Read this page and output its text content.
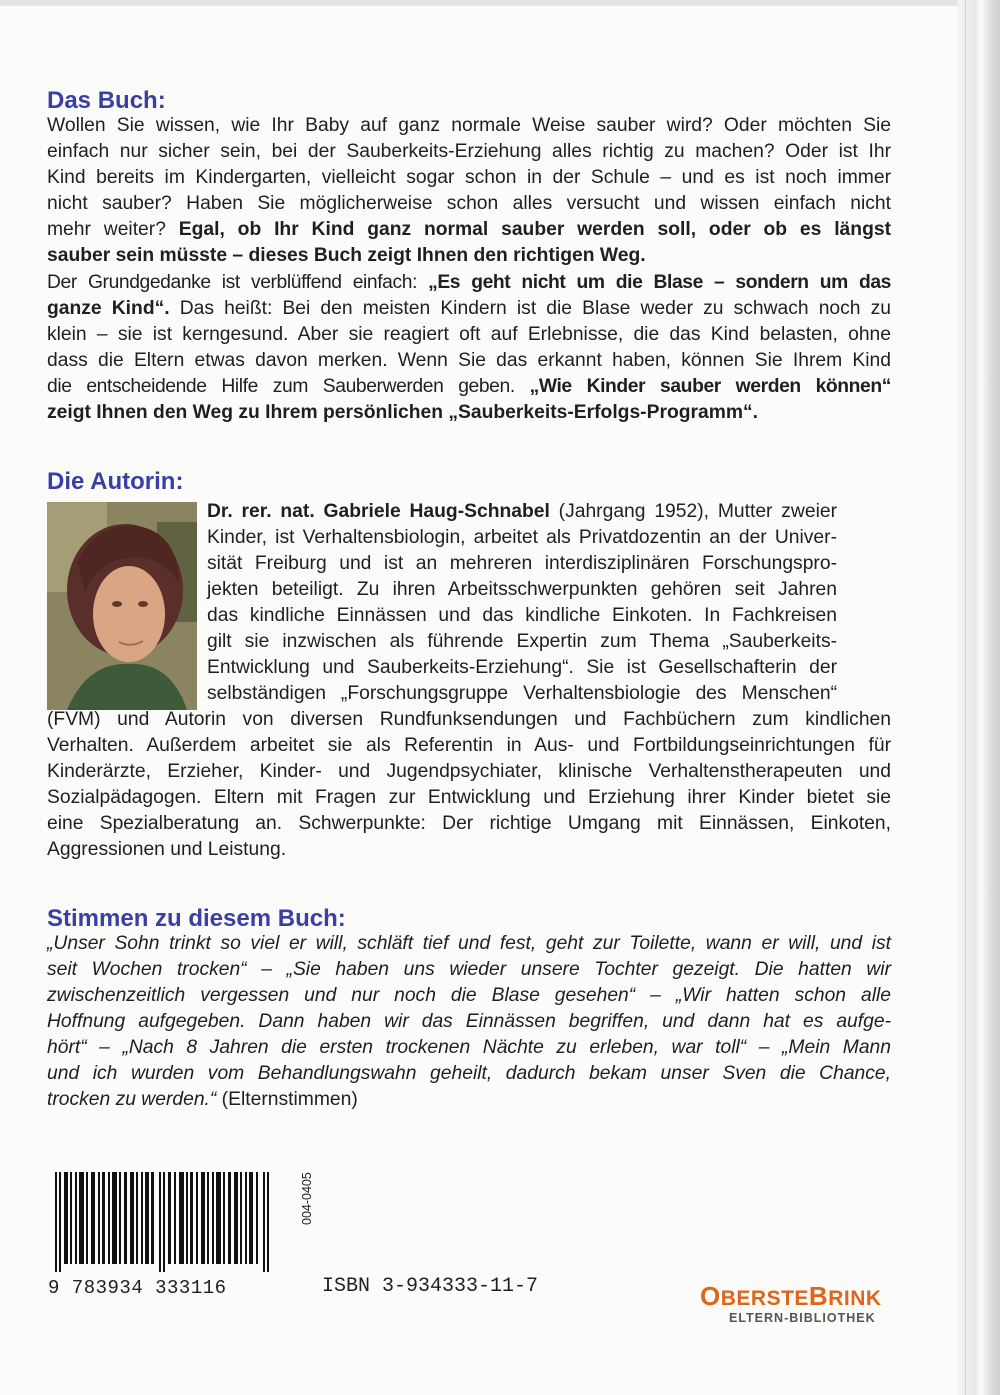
Das Buch:
Wollen Sie wissen, wie Ihr Baby auf ganz normale Weise sauber wird? Oder möchten Sie
einfach nur sicher sein, bei der Sauberkeits-Erziehung alles richtig zu machen? Oder ist Ihr
Kind bereits im Kindergarten, vielleicht sogar schon in der Schule – und es ist noch immer
nicht sauber? Haben Sie möglicherweise schon alles versucht und wissen einfach nicht
mehr weiter? Egal, ob Ihr Kind ganz normal sauber werden soll, oder ob es längst
sauber sein müsste – dieses Buch zeigt Ihnen den richtigen Weg.
Der Grundgedanke ist verblüffend einfach: „Es geht nicht um die Blase – sondern um das
ganze Kind“. Das heißt: Bei den meisten Kindern ist die Blase weder zu schwach noch zu
klein – sie ist kerngesund. Aber sie reagiert oft auf Erlebnisse, die das Kind belasten, ohne
dass die Eltern etwas davon merken. Wenn Sie das erkannt haben, können Sie Ihrem Kind
die entscheidende Hilfe zum Sauberwerden geben. „Wie Kinder sauber werden können“
zeigt Ihnen den Weg zu Ihrem persönlichen „Sauberkeits-Erfolgs-Programm“.
Die Autorin:
Dr. rer. nat. Gabriele Haug-Schnabel (Jahrgang 1952), Mutter zweier
Kinder, ist Verhaltensbiologin, arbeitet als Privatdozentin an der Univer-
sität Freiburg und ist an mehreren interdisziplinären Forschungspro-
jekten beteiligt. Zu ihren Arbeitsschwerpunkten gehören seit Jahren
das kindliche Einnässen und das kindliche Einkoten. In Fachkreisen
gilt sie inzwischen als führende Expertin zum Thema „Sauberkeits-
Entwicklung und Sauberkeits-Erziehung“. Sie ist Gesellschafterin der
selbständigen „Forschungsgruppe Verhaltensbiologie des Menschen“
(FVM) und Autorin von diversen Rundfunksendungen und Fachbüchern zum kindlichen
Verhalten. Außerdem arbeitet sie als Referentin in Aus- und Fortbildungseinrichtungen für
Kinderärzte, Erzieher, Kinder- und Jugendpsychiater, klinische Verhaltenstherapeuten und
Sozialpädagogen. Eltern mit Fragen zur Entwicklung und Erziehung ihrer Kinder bietet sie
eine Spezialberatung an. Schwerpunkte: Der richtige Umgang mit Einnässen, Einkoten,
Aggressionen und Leistung.
Stimmen zu diesem Buch:
„Unser Sohn trinkt so viel er will, schläft tief und fest, geht zur Toilette, wann er will, und ist
seit Wochen trocken“ – „Sie haben uns wieder unsere Tochter gezeigt. Die hatten wir
zwischenzeitlich vergessen und nur noch die Blase gesehen“ – „Wir hatten schon alle
Hoffnung aufgegeben. Dann haben wir das Einnässen begriffen, und dann hat es aufge-
hört“ – „Nach 8 Jahren die ersten trockenen Nächte zu erleben, war toll“ – „Mein Mann
und ich wurden vom Behandlungswahn geheilt, dadurch bekam unser Sven die Chance,
trocken zu werden.“ (Elternstimmen)
9 783934 333116
004-0405
ISBN 3-934333-11-7	OBERSTEBRINK
ELTERN-BIBLIOTHEK
